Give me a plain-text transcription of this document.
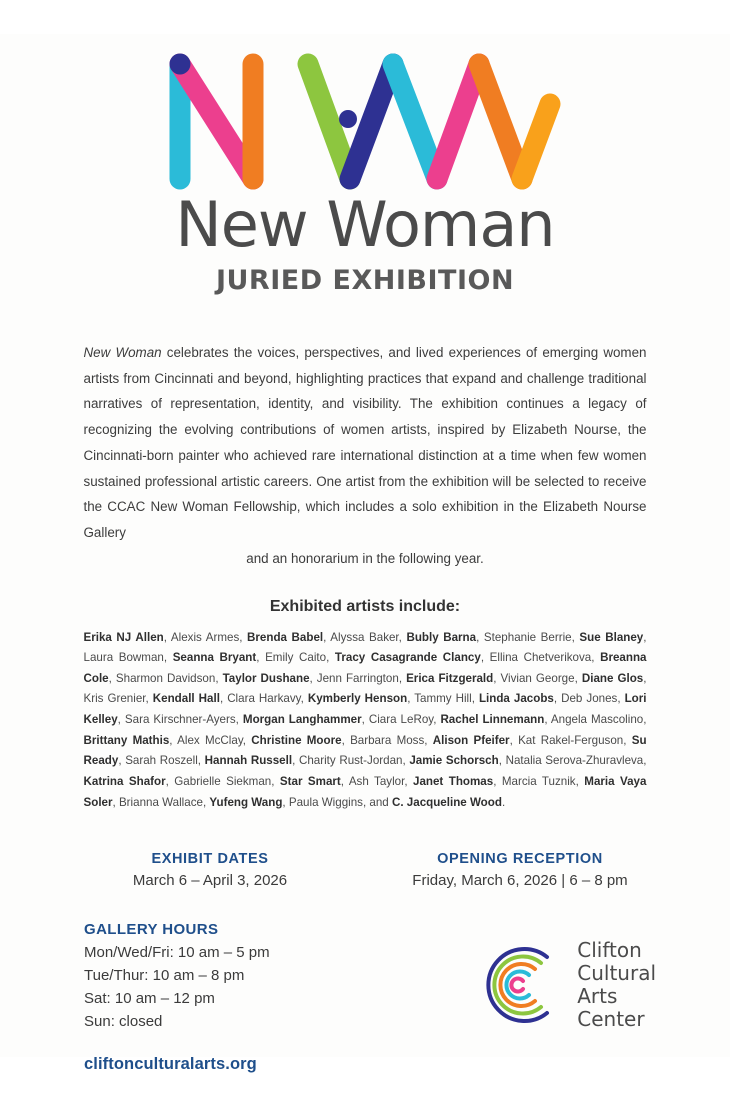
New Woman
JURIED EXHIBITION
New Woman celebrates the voices, perspectives, and lived experiences of emerging women artists from Cincinnati and beyond, highlighting practices that expand and challenge traditional narratives of representation, identity, and visibility. The exhibition continues a legacy of recognizing the evolving contributions of women artists, inspired by Elizabeth Nourse, the Cincinnati-born painter who achieved rare international distinction at a time when few women sustained professional artistic careers. One artist from the exhibition will be selected to receive the CCAC New Woman Fellowship, which includes a solo exhibition in the Elizabeth Nourse Gallery
and an honorarium in the following year.
Exhibited artists include:
Erika NJ Allen, Alexis Armes, Brenda Babel, Alyssa Baker, Bubly Barna, Stephanie Berrie, Sue Blaney, Laura Bowman, Seanna Bryant, Emily Caito, Tracy Casagrande Clancy, Ellina Chetverikova, Breanna Cole, Sharmon Davidson, Taylor Dushane, Jenn Farrington, Erica Fitzgerald, Vivian George, Diane Glos, Kris Grenier, Kendall Hall, Clara Harkavy, Kymberly Henson, Tammy Hill, Linda Jacobs, Deb Jones, Lori Kelley, Sara Kirschner-Ayers, Morgan Langhammer, Ciara LeRoy, Rachel Linnemann, Angela Mascolino, Brittany Mathis, Alex McClay, Christine Moore, Barbara Moss, Alison Pfeifer, Kat Rakel-Ferguson, Su Ready, Sarah Roszell, Hannah Russell, Charity Rust-Jordan, Jamie Schorsch, Natalia Serova-Zhuravleva, Katrina Shafor, Gabrielle Siekman, Star Smart, Ash Taylor, Janet Thomas, Marcia Tuznik, Maria Vaya Soler, Brianna Wallace, Yufeng Wang, Paula Wiggins, and C. Jacqueline Wood.
EXHIBIT DATES
March 6 – April 3, 2026
OPENING RECEPTION
Friday, March 6, 2026 | 6 – 8 pm
GALLERY HOURS
Mon/Wed/Fri: 10 am – 5 pm
Tue/Thur: 10 am – 8 pm
Sat: 10 am – 12 pm
Sun: closed
cliftonculturalarts.org
Clifton
Cultural
Arts
Center
